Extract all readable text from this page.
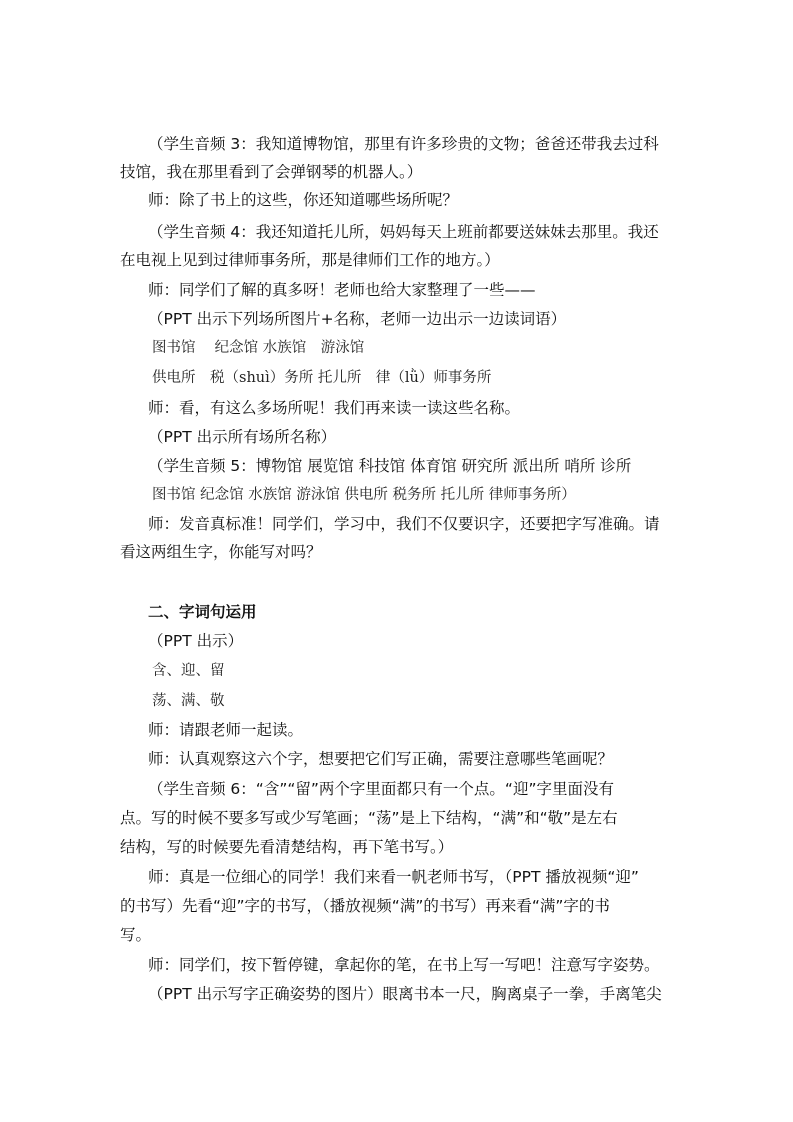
（学生音频 3：我知道博物馆，那里有许多珍贵的文物；爸爸还带我去过科
技馆，我在那里看到了会弹钢琴的机器人。）
师：除了书上的这些，你还知道哪些场所呢？
（学生音频 4：我还知道托儿所，妈妈每天上班前都要送妹妹去那里。我还
在电视上见到过律师事务所，那是律师们工作的地方。）
师：同学们了解的真多呀！老师也给大家整理了一些——
（PPT 出示下列场所图片+名称，老师一边出示一边读词语）
图书馆　 纪念馆 水族馆　游泳馆
供电所　税（shuì）务所 托儿所　律（lǜ）师事务所
师：看，有这么多场所呢！我们再来读一读这些名称。
（PPT 出示所有场所名称）
（学生音频 5：博物馆 展览馆 科技馆 体育馆 研究所 派出所 哨所 诊所
图书馆 纪念馆 水族馆 游泳馆 供电所 税务所 托儿所 律师事务所）
师：发音真标准！同学们，学习中，我们不仅要识字，还要把字写准确。请
看这两组生字，你能写对吗？
二、字词句运用
（PPT 出示）
含、迎、留
荡、满、敬
师：请跟老师一起读。
师：认真观察这六个字，想要把它们写正确，需要注意哪些笔画呢？
（学生音频 6：“含”“留”两个字里面都只有一个点。“迎”字里面没有
点。写的时候不要多写或少写笔画；“荡”是上下结构，“满”和“敬”是左右
结构，写的时候要先看清楚结构，再下笔书写。）
师：真是一位细心的同学！我们来看一帆老师书写，（PPT 播放视频“迎”
的书写）先看“迎”字的书写，（播放视频“满”的书写）再来看“满”字的书
写。
师：同学们，按下暂停键，拿起你的笔，在书上写一写吧！注意写字姿势。
（PPT 出示写字正确姿势的图片）眼离书本一尺，胸离桌子一拳，手离笔尖
